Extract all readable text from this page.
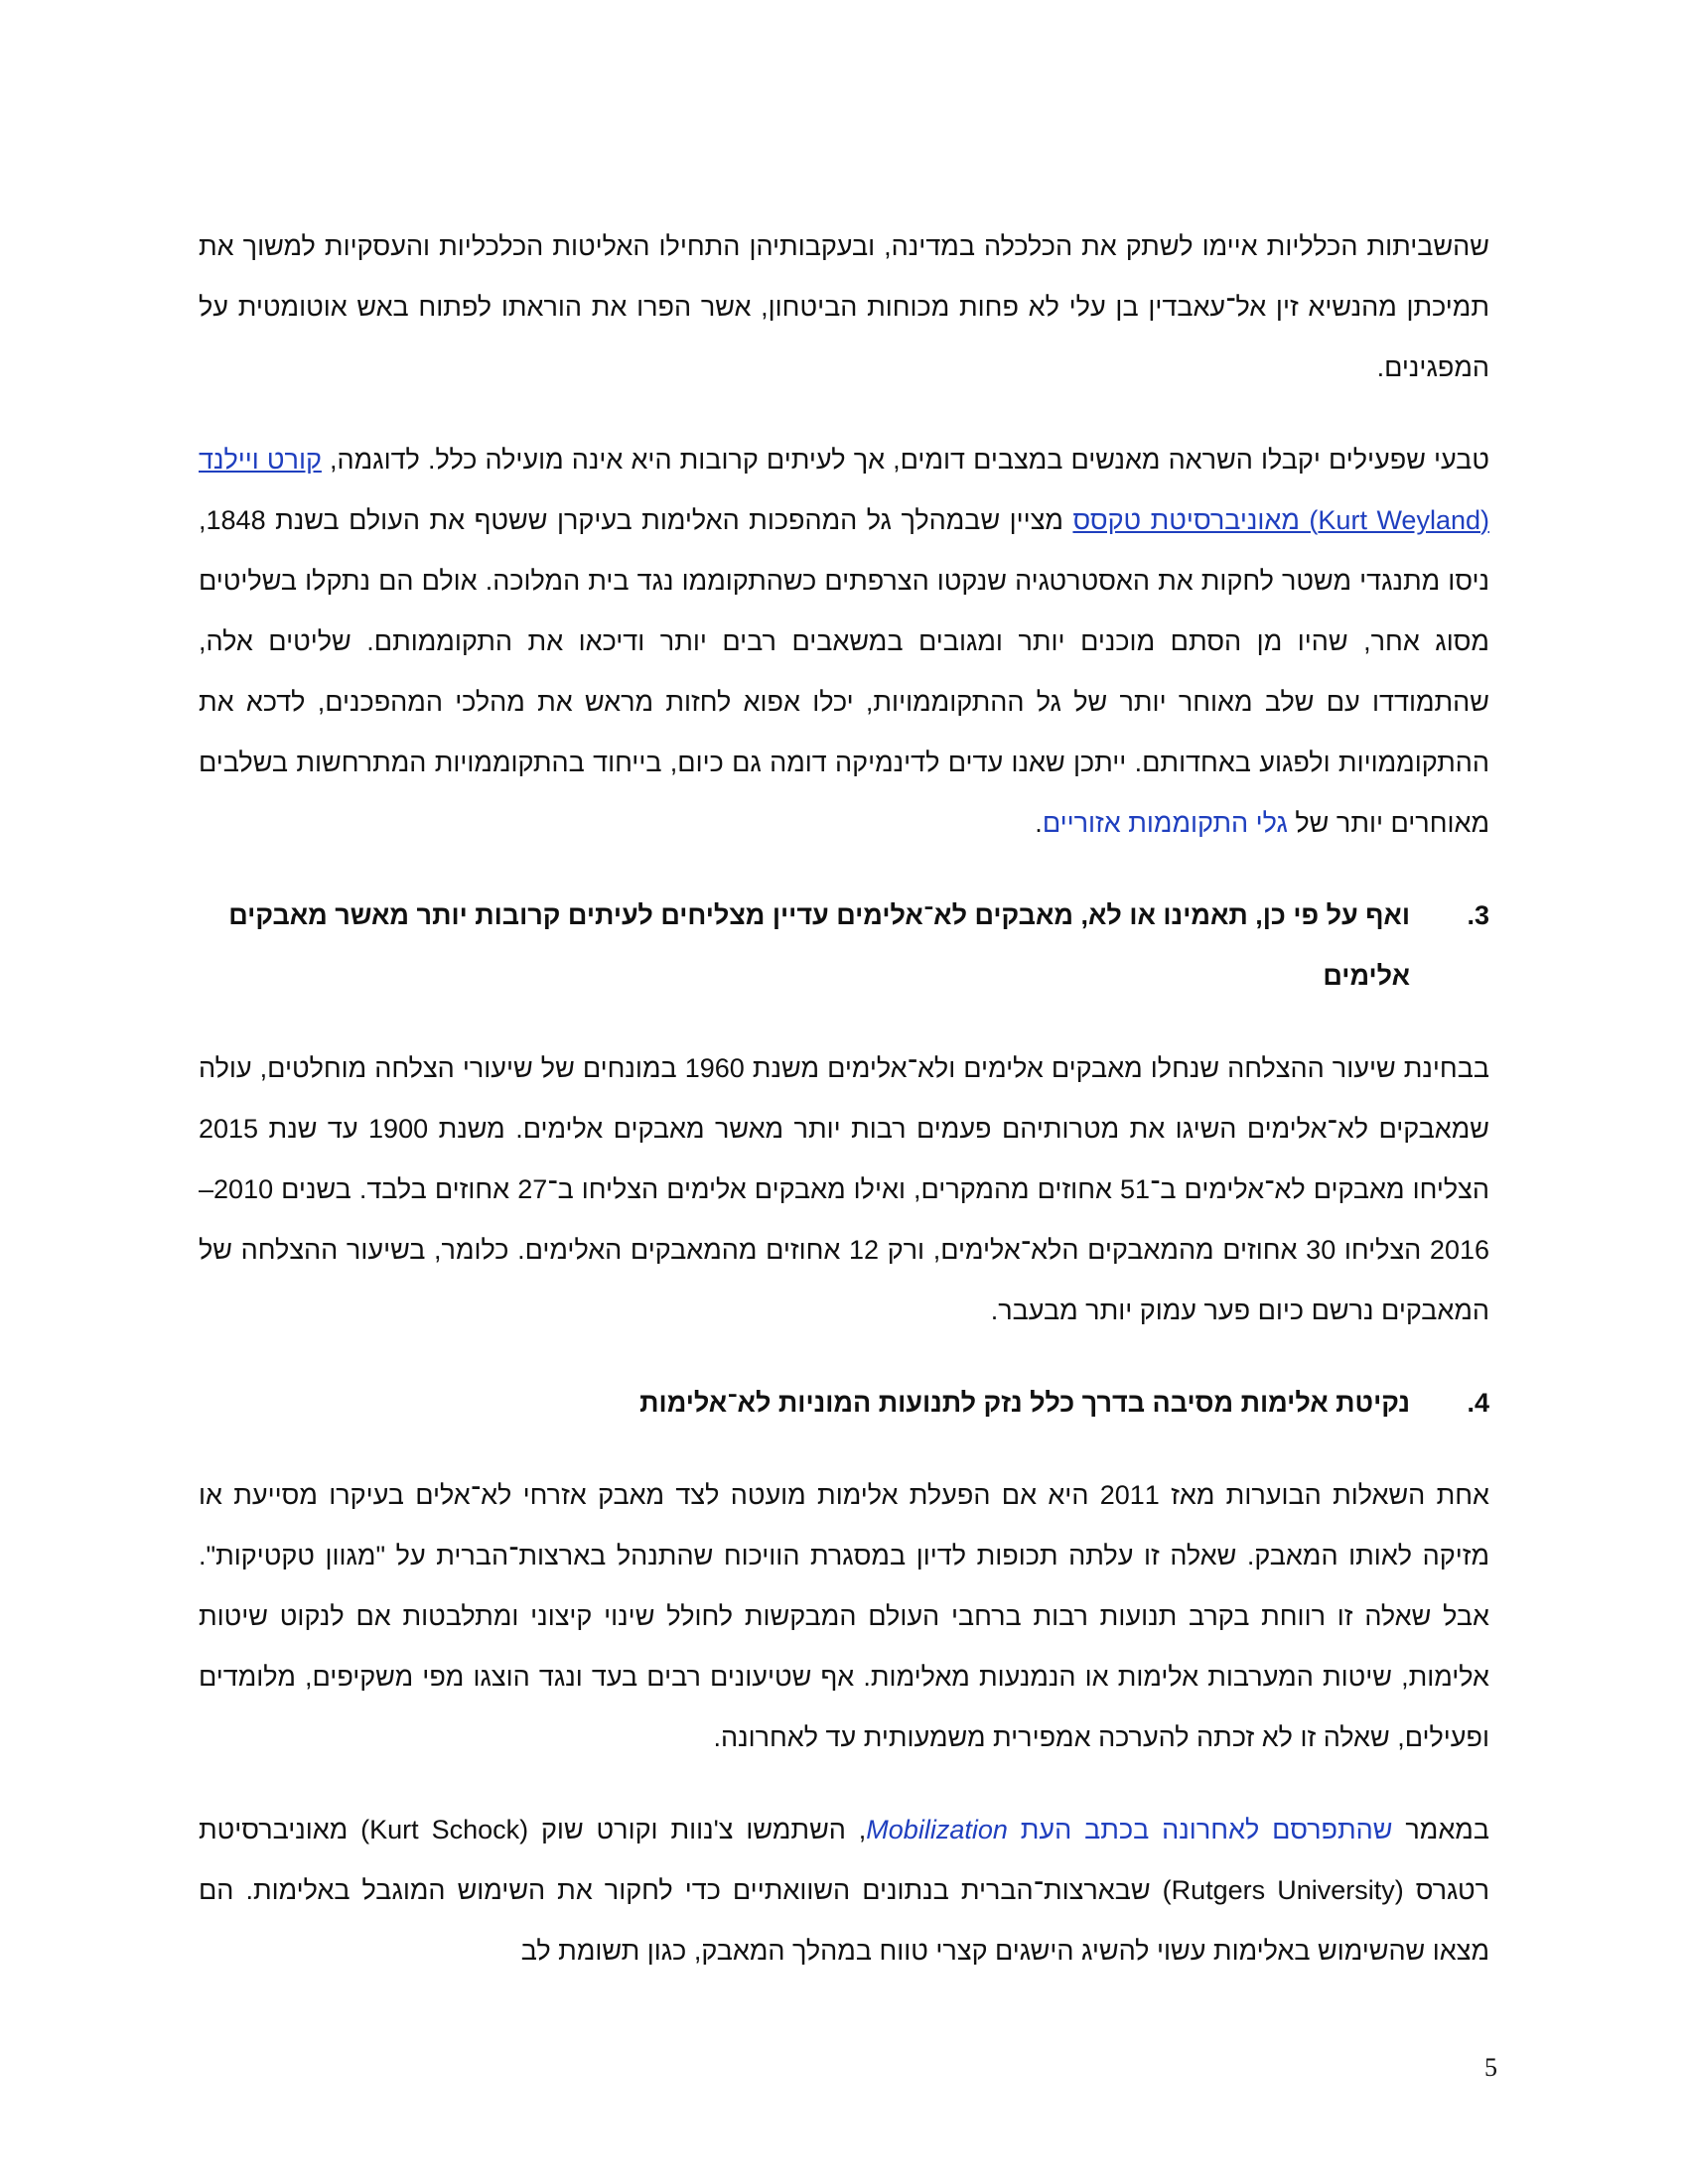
שהשביתות הכלליות איימו לשתק את הכלכלה במדינה, ובעקבותיהן התחילו האליטות הכלכליות והעסקיות למשוך את תמיכתן מהנשיא זין אל־עאבדין בן עלי לא פחות מכוחות הביטחון, אשר הפרו את הוראתו לפתוח באש אוטומטית על המפגינים.

טבעי שפעילים יקבלו השראה מאנשים במצבים דומים, אך לעיתים קרובות היא אינה מועילה כלל. לדוגמה, קורט ויילנד (Kurt Weyland) מאוניברסיטת טקסס מציין שבמהלך גל המהפכות האלימות בעיקרן ששטף את העולם בשנת 1848, ניסו מתנגדי משטר לחקות את האסטרטגיה שנקטו הצרפתים כשהתקוממו נגד בית המלוכה. אולם הם נתקלו בשליטים מסוג אחר, שהיו מן הסתם מוכנים יותר ומגובים במשאבים רבים יותר ודיכאו את התקוממותם. שליטים אלה, שהתמודדו עם שלב מאוחר יותר של גל ההתקוממויות, יכלו אפוא לחזות מראש את מהלכי המהפכנים, לדכא את ההתקוממויות ולפגוע באחדותם. ייתכן שאנו עדים לדינמיקה דומה גם כיום, בייחוד בהתקוממויות המתרחשות בשלבים מאוחרים יותר של גלי התקוממות אזוריים.

3.
ואף על פי כן, תאמינו או לא, מאבקים לא־אלימים עדיין מצליחים לעיתים קרובות יותר מאשר מאבקים אלימים

בבחינת שיעור ההצלחה שנחלו מאבקים אלימים ולא־אלימים משנת 1960 במונחים של שיעורי הצלחה מוחלטים, עולה שמאבקים לא־אלימים השיגו את מטרותיהם פעמים רבות יותר מאשר מאבקים אלימים. משנת 1900 עד שנת 2015 הצליחו מאבקים לא־אלימים ב־51 אחוזים מהמקרים, ואילו מאבקים אלימים הצליחו ב־27 אחוזים בלבד. בשנים 2010–2016 הצליחו 30 אחוזים מהמאבקים הלא־אלימים, ורק 12 אחוזים מהמאבקים האלימים. כלומר, בשיעור ההצלחה של המאבקים נרשם כיום פער עמוק יותר מבעבר.

4.
נקיטת אלימות מסיבה בדרך כלל נזק לתנועות המוניות לא־אלימות

אחת השאלות הבוערות מאז 2011 היא אם הפעלת אלימות מועטה לצד מאבק אזרחי לא־אלים בעיקרו מסייעת או מזיקה לאותו המאבק. שאלה זו עלתה תכופות לדיון במסגרת הוויכוח שהתנהל בארצות־הברית על "מגוון טקטיקות". אבל שאלה זו רווחת בקרב תנועות רבות ברחבי העולם המבקשות לחולל שינוי קיצוני ומתלבטות אם לנקוט שיטות אלימות, שיטות המערבות אלימות או הנמנעות מאלימות. אף שטיעונים רבים בעד ונגד הוצגו מפי משקיפים, מלומדים ופעילים, שאלה זו לא זכתה להערכה אמפירית משמעותית עד לאחרונה.

במאמר שהתפרסם לאחרונה בכתב העת Mobilization, השתמשו צ'נוות וקורט שוק (Kurt Schock) מאוניברסיטת רטגרס (Rutgers University) שבארצות־הברית בנתונים השוואתיים כדי לחקור את השימוש המוגבל באלימות. הם מצאו שהשימוש באלימות עשוי להשיג הישגים קצרי טווח במהלך המאבק, כגון תשומת לב

5
